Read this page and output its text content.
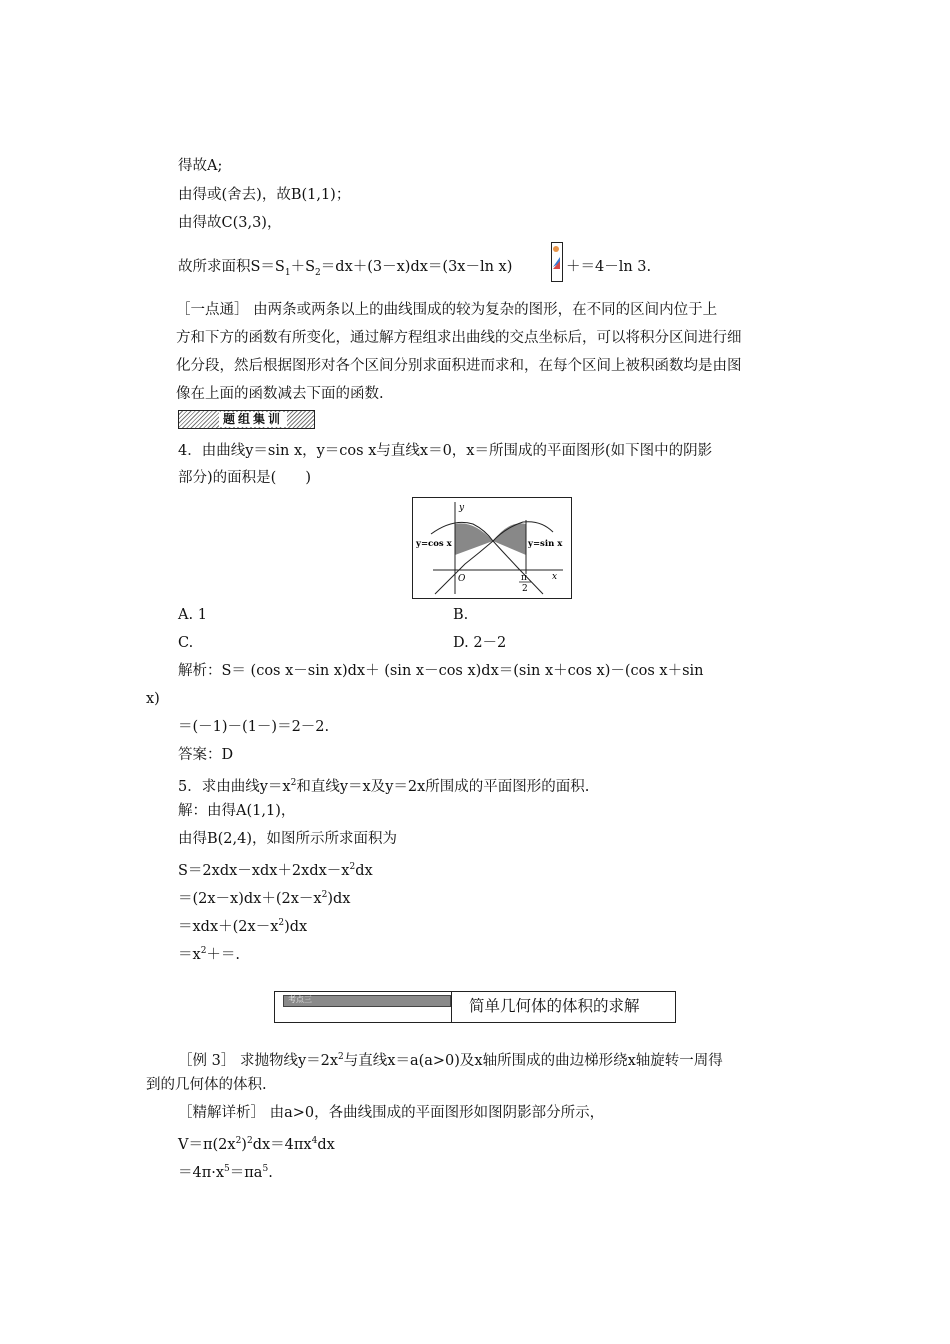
得故A;
由得或(舍去)，故B(1,1)；
由得故C(3,3)，
故所求面积$S=S_1+S_2=dx+(3-x)dx=(3x-\ln$ x)	＋＝4－ln 3.
［一点通］ 由两条或两条以上的曲线围成的较为复杂的图形，在不同的区间内位于上
方和下方的函数有所变化，通过解方程组求出曲线的交点坐标后，可以将积分区间进行细
化分段，然后根据图形对各个区间分别求面积进而求和，在每个区间上被积函数均是由图
像在上面的函数减去下面的函数.
题组集训
4．由曲线y＝sin x，y＝cos x与直线x＝0，x＝所围成的平面图形(如下图中的阴影
部分)的面积是(　　)
y
x
O
y=cos x	y=sin x
π
2
A. 1	B.
C.	D. 2－2
解析：S＝ (cos x－sin x)dx＋ (sin x－cos x)dx＝(sin x＋cos x)－(cos x＋sin
x)
＝(－1)－(1－)＝2－2.
答案：D
5．求由曲线$y=x^2$和直线y＝x及y＝2x所围成的平面图形的面积.
解：由得A(1,1)，
由得B(2,4)，如图所示所求面积为
$S=2xdx-xdx+2xdx-x^2dx$
$=(2x-x)dx+(2x-x^2)dx$
$=xdx+(2x-x^2)dx$
$=x^2+=$.
考点三	简单几何体的体积的求解
［例 3］ 求抛物线$y=2x^2$与直线x＝a(a>0)及x轴所围成的曲边梯形绕x轴旋转一周得
到的几何体的体积.
［精解详析］ 由a>0，各曲线围成的平面图形如图阴影部分所示，
$V=\pi(2x^2)^2dx=4\pi x^4dx$
$=4\pi\cdot x^5=\pi a^5$.
